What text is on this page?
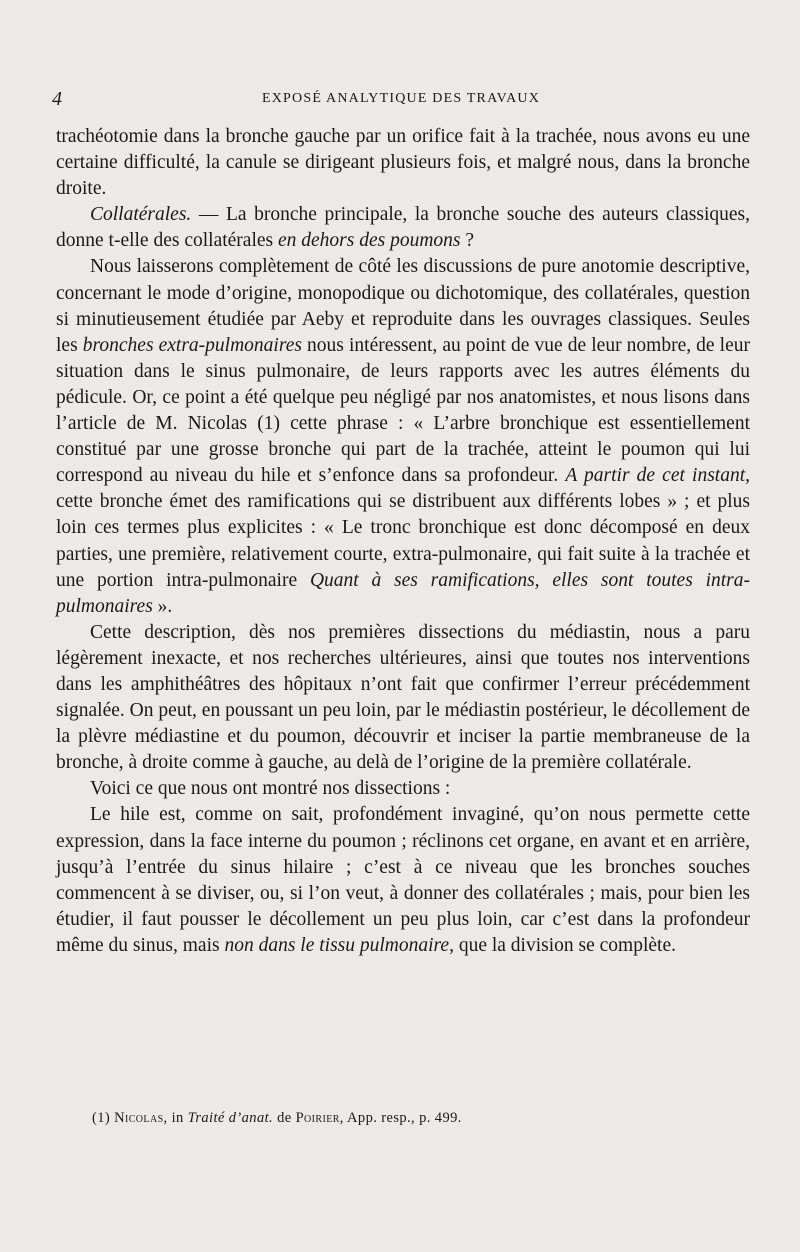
4	EXPOSÉ ANALYTIQUE DES TRAVAUX

trachéotomie dans la bronche gauche par un orifice fait à la trachée, nous avons eu une certaine difficulté, la canule se dirigeant plusieurs fois, et malgré nous, dans la bronche droite.

Collatérales. — La bronche principale, la bronche souche des auteurs classiques, donne t-elle des collatérales en dehors des poumons ?

Nous laisserons complètement de côté les discussions de pure anotomie descriptive, concernant le mode d’origine, monopodique ou dichotomique, des collatérales, question si minutieusement étudiée par Aeby et reproduite dans les ouvrages classiques. Seules les bronches extra-pulmonaires nous intéressent, au point de vue de leur nombre, de leur situation dans le sinus pulmonaire, de leurs rapports avec les autres éléments du pédicule. Or, ce point a été quelque peu négligé par nos anatomistes, et nous lisons dans l’article de M. Nicolas (1) cette phrase : « L’arbre bronchique est essentiellement constitué par une grosse bronche qui part de la trachée, atteint le poumon qui lui correspond au niveau du hile et s’enfonce dans sa profondeur. A partir de cet instant, cette bronche émet des ramifications qui se distribuent aux différents lobes » ; et plus loin ces termes plus explicites : « Le tronc bronchique est donc décomposé en deux parties, une première, relativement courte, extra-pulmonaire, qui fait suite à la trachée et une portion intra-pulmonaire Quant à ses ramifications, elles sont toutes intra-pulmonaires ».

Cette description, dès nos premières dissections du médiastin, nous a paru légèrement inexacte, et nos recherches ultérieures, ainsi que toutes nos interventions dans les amphithéâtres des hôpitaux n’ont fait que confirmer l’erreur précédemment signalée. On peut, en poussant un peu loin, par le médiastin postérieur, le décollement de la plèvre médiastine et du poumon, découvrir et inciser la partie membraneuse de la bronche, à droite comme à gauche, au delà de l’origine de la première collatérale.

Voici ce que nous ont montré nos dissections :

Le hile est, comme on sait, profondément invaginé, qu’on nous permette cette expression, dans la face interne du poumon ; réclinons cet organe, en avant et en arrière, jusqu’à l’entrée du sinus hilaire ; c’est à ce niveau que les bronches souches commencent à se diviser, ou, si l’on veut, à donner des collatérales ; mais, pour bien les étudier, il faut pousser le décollement un peu plus loin, car c’est dans la profondeur même du sinus, mais non dans le tissu pulmonaire, que la division se complète.

(1) Nicolas, in Traité d’anat. de Poirier, App. resp., p. 499.
